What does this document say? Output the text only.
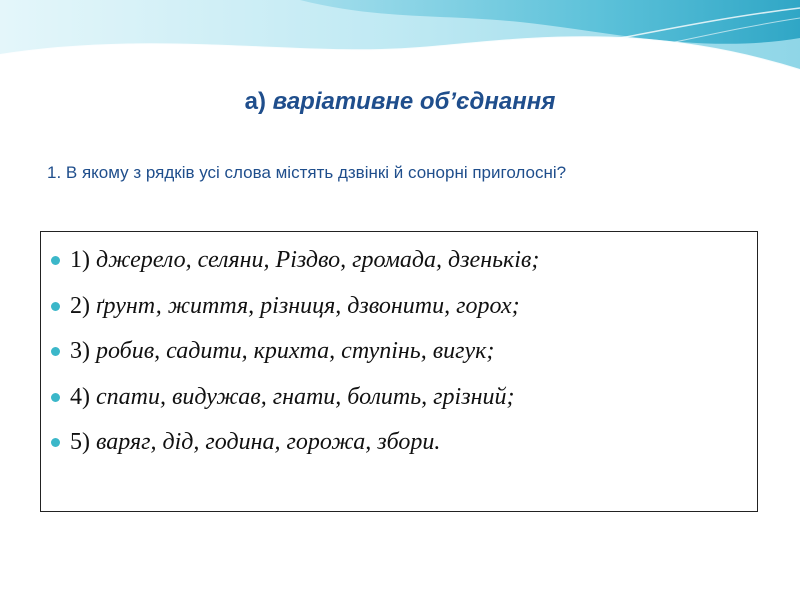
а) варіативне об’єднання
1. В якому з рядків усі слова містять дзвінкі й сонорні приголосні?
1) джерело, селяни, Різдво, громада, дзеньків;
2) ґрунт, життя, різниця, дзвонити, горох;
3) робив, садити, крихта, ступінь, вигук;
4) спати, видужав, гнати, болить, грізний;
5) варяг, дід, година, горожа, збори.
